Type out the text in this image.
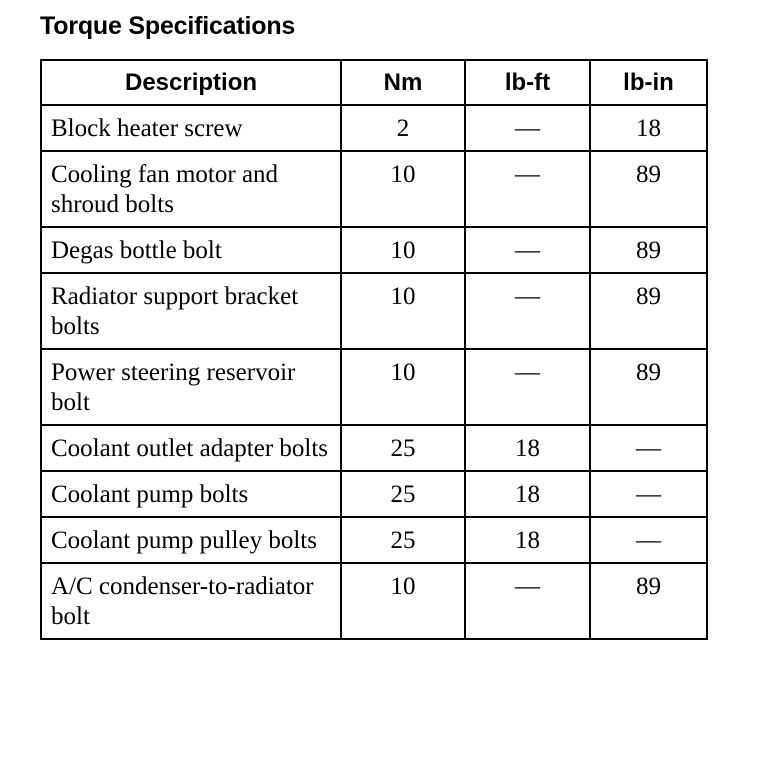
Torque Specifications
Description	Nm	lb-ft	lb-in
Block heater screw	2	—	18
Cooling fan motor and shroud bolts	10	—	89
Degas bottle bolt	10	—	89
Radiator support bracket bolts	10	—	89
Power steering reservoir bolt	10	—	89
Coolant outlet adapter bolts	25	18	—
Coolant pump bolts	25	18	—
Coolant pump pulley bolts	25	18	—
A/C condenser-to-radiator bolt	10	—	89
